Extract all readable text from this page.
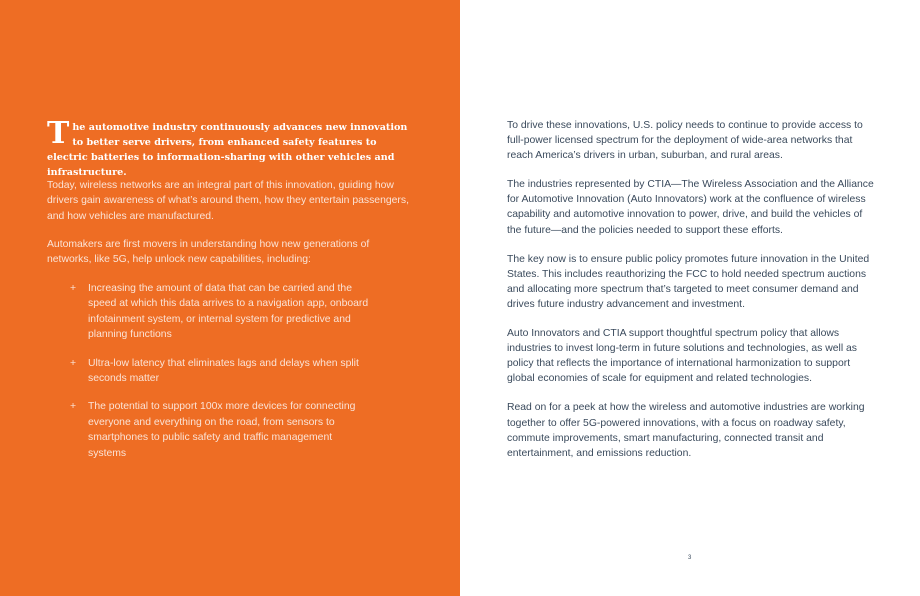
T he automotive industry continuously advances new innovation to better serve drivers, from enhanced safety features to electric batteries to information-sharing with other vehicles and infrastructure.

Today, wireless networks are an integral part of this innovation, guiding how drivers gain awareness of what’s around them, how they entertain passengers, and how vehicles are manufactured.

Automakers are first movers in understanding how new generations of networks, like 5G, help unlock new capabilities, including:

+ Increasing the amount of data that can be carried and the speed at which this data arrives to a navigation app, onboard infotainment system, or internal system for predictive and planning functions
+ Ultra-low latency that eliminates lags and delays when split seconds matter
+ The potential to support 100x more devices for connecting everyone and everything on the road, from sensors to smartphones to public safety and traffic management systems

To drive these innovations, U.S. policy needs to continue to provide access to full-power licensed spectrum for the deployment of wide-area networks that reach America’s drivers in urban, suburban, and rural areas.

The industries represented by CTIA—The Wireless Association and the Alliance for Automotive Innovation (Auto Innovators) work at the confluence of wireless capability and automotive innovation to power, drive, and build the vehicles of the future—and the policies needed to support these efforts.

The key now is to ensure public policy promotes future innovation in the United States. This includes reauthorizing the FCC to hold needed spectrum auctions and allocating more spectrum that’s targeted to meet consumer demand and drives future industry advancement and investment.

Auto Innovators and CTIA support thoughtful spectrum policy that allows industries to invest long-term in future solutions and technologies, as well as policy that reflects the importance of international harmonization to support global economies of scale for equipment and related technologies.

Read on for a peek at how the wireless and automotive industries are working together to offer 5G-powered innovations, with a focus on roadway safety, commute improvements, smart manufacturing, connected transit and entertainment, and emissions reduction.

3
